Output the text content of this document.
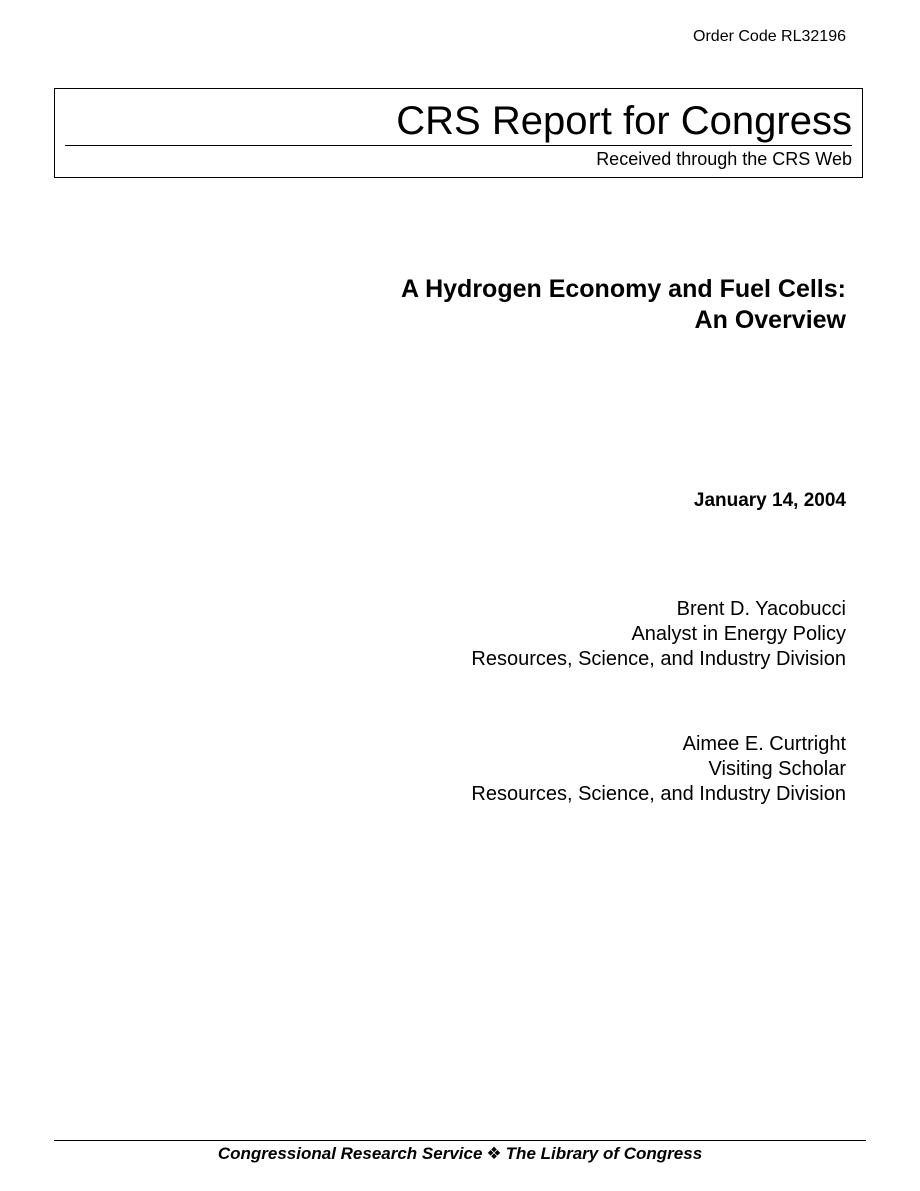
Order Code RL32196
CRS Report for Congress
Received through the CRS Web
A Hydrogen Economy and Fuel Cells:
An Overview
January 14, 2004
Brent D. Yacobucci
Analyst in Energy Policy
Resources, Science, and Industry Division
Aimee E. Curtright
Visiting Scholar
Resources, Science, and Industry Division
Congressional Research Service ❖ The Library of Congress
